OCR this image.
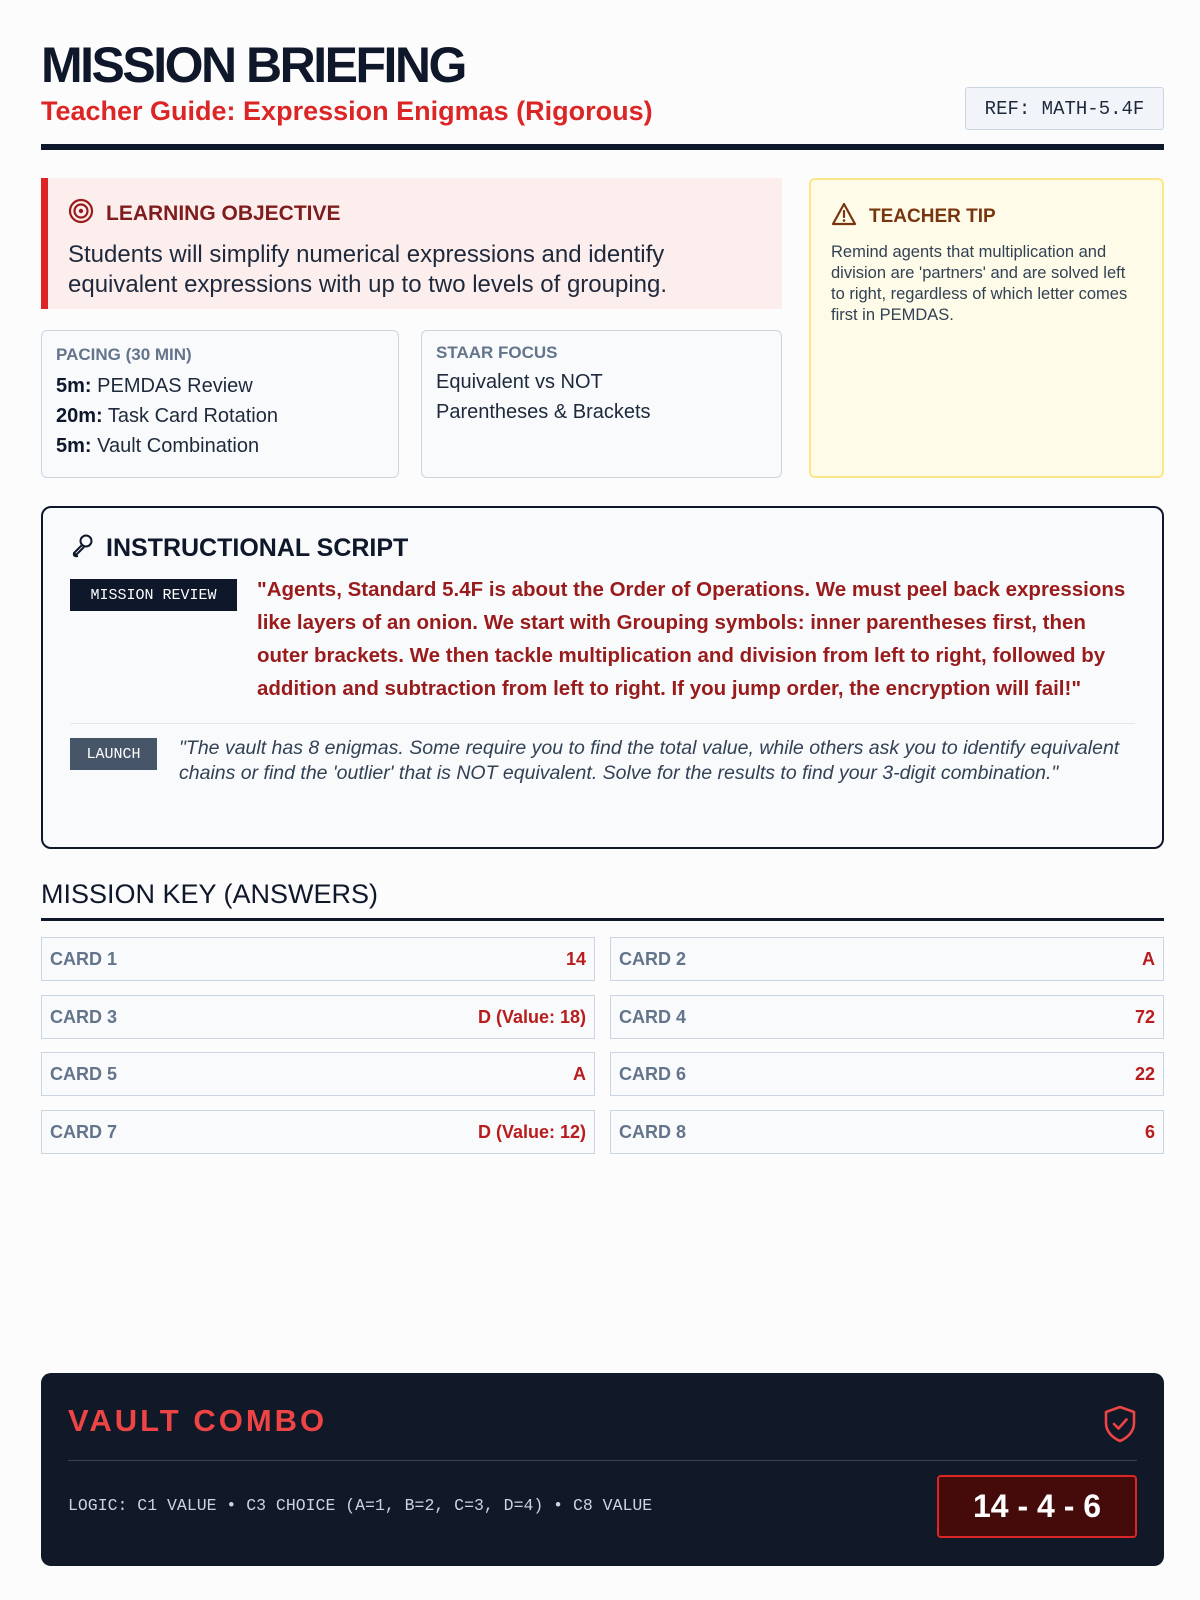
MISSION BRIEFING
Teacher Guide: Expression Enigmas (Rigorous)	REF: MATH-5.4F
LEARNING OBJECTIVE
Students will simplify numerical expressions and identify equivalent expressions with up to two levels of grouping.
TEACHER TIP
Remind agents that multiplication and division are 'partners' and are solved left to right, regardless of which letter comes first in PEMDAS.
PACING (30 MIN)
5m: PEMDAS Review
20m: Task Card Rotation
5m: Vault Combination
STAAR FOCUS
Equivalent vs NOT
Parentheses & Brackets
INSTRUCTIONAL SCRIPT
MISSION REVIEW	"Agents, Standard 5.4F is about the Order of Operations. We must peel back expressions like layers of an onion. We start with Grouping symbols: inner parentheses first, then outer brackets. We then tackle multiplication and division from left to right, followed by addition and subtraction from left to right. If you jump order, the encryption will fail!"
LAUNCH	"The vault has 8 enigmas. Some require you to find the total value, while others ask you to identify equivalent chains or find the 'outlier' that is NOT equivalent. Solve for the results to find your 3-digit combination."
MISSION KEY (ANSWERS)
CARD 1	14 CARD 2	A
CARD 3	D (Value: 18) CARD 4	72
CARD 5	A CARD 6	22
CARD 7	D (Value: 12) CARD 8	6
VAULT COMBO
LOGIC: C1 VALUE • C3 CHOICE (A=1, B=2, C=3, D=4) • C8 VALUE	14 - 4 - 6
